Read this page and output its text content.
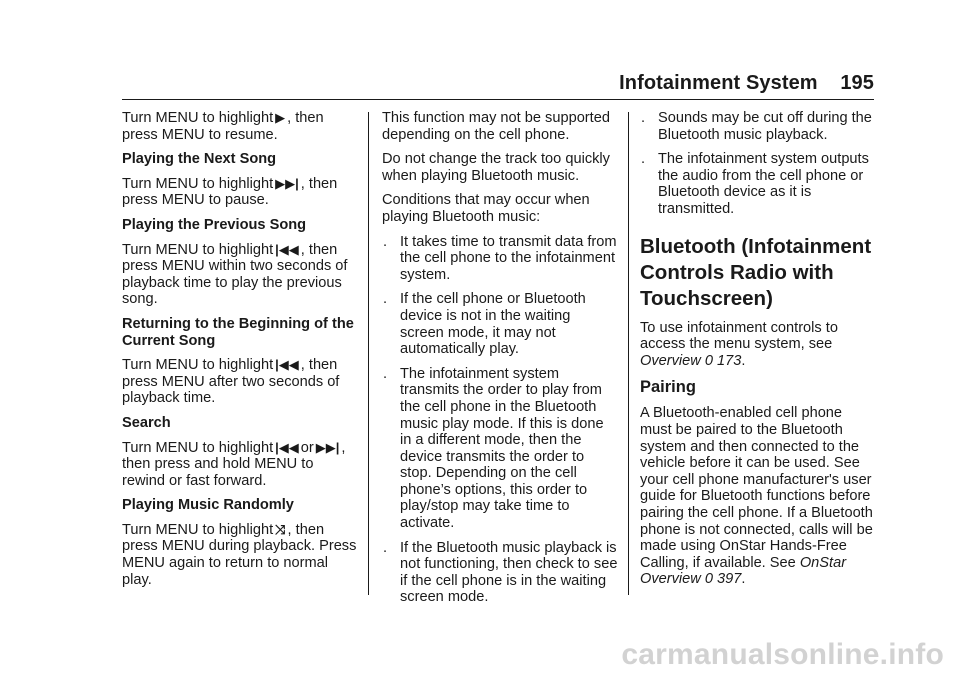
Infotainment System    195

Turn MENU to highlight ▶ , then
press MENU to resume.

Playing the Next Song

Turn MENU to highlight ▶▶| , then
press MENU to pause.

Playing the Previous Song

Turn MENU to highlight |◀◀ , then
press MENU within two seconds of playback time to play the previous song.

Returning to the Beginning of the Current Song

Turn MENU to highlight |◀◀ , then
press MENU after two seconds of playback time.

Search

Turn MENU to highlight |◀◀ or ▶▶| ,
then press and hold MENU to rewind or fast forward.

Playing Music Randomly

Turn MENU to highlight ⤨ , then
press MENU during playback. Press MENU again to return to normal play.

This function may not be supported depending on the cell phone.

Do not change the track too quickly when playing Bluetooth music.

Conditions that may occur when playing Bluetooth music:

. It takes time to transmit data from the cell phone to the infotainment system.
. If the cell phone or Bluetooth device is not in the waiting screen mode, it may not automatically play.
. The infotainment system transmits the order to play from the cell phone in the Bluetooth music play mode. If this is done in a different mode, then the device transmits the order to stop. Depending on the cell phone’s options, this order to play/stop may take time to activate.
. If the Bluetooth music playback is not functioning, then check to see if the cell phone is in the waiting screen mode.
. Sounds may be cut off during the Bluetooth music playback.
. The infotainment system outputs the audio from the cell phone or Bluetooth device as it is transmitted.
Bluetooth (Infotainment Controls Radio with Touchscreen)

To use infotainment controls to access the menu system, see
Overview 0 173.

Pairing

A Bluetooth-enabled cell phone must be paired to the Bluetooth system and then connected to the vehicle before it can be used. See your cell phone manufacturer's user guide for Bluetooth functions before pairing the cell phone. If a Bluetooth phone is not connected, calls will be made using OnStar Hands-Free Calling, if available. See OnStar Overview 0 397.

carmanualsonline.info
